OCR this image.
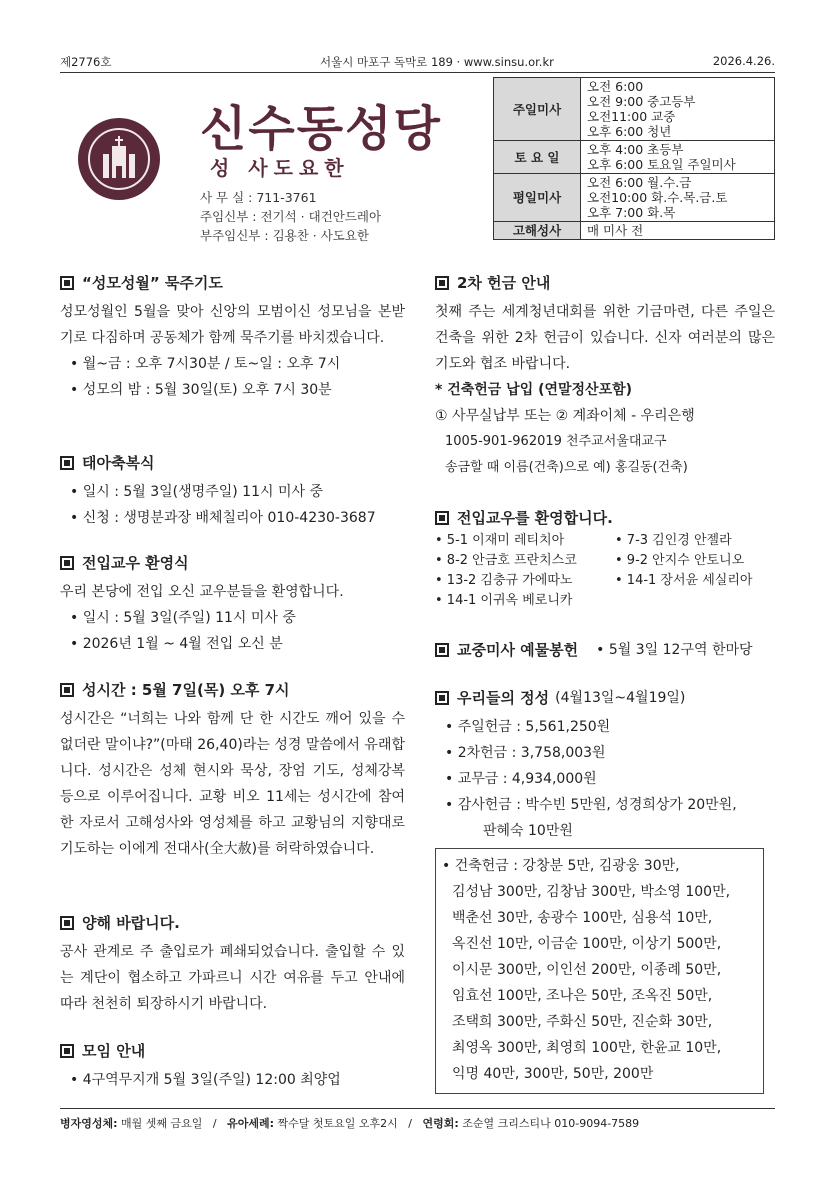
제2776호	서울시 마포구 독막로 189 · www.sinsu.or.kr	2026.4.26.
신수동성당
성 사도요한
사 무 실 : 711-3761
주임신부 : 전기석 · 대건안드레아
부주임신부 : 김용찬 · 사도요한
주일미사	오전 6:00
오전 9:00 중고등부
오전11:00 교중
오후 6:00 청년

토 요 일	오후 4:00 초등부
오후 6:00 토요일 주일미사

평일미사	오전 6:00 월.수.금
오전10:00 화.수.목.금.토
오후 7:00 화.목

고해성사	매 미사 전
“성모성월” 묵주기도
성모성월인 5월을 맞아 신앙의 모범이신 성모님을 본받기로 다짐하며 공동체가 함께 묵주기를 바치겠습니다.
• 월~금 : 오후 7시30분 / 토~일 : 오후 7시
• 성모의 밤 : 5월 30일(토) 오후 7시 30분
태아축복식
• 일시 : 5월 3일(생명주일) 11시 미사 중
• 신청 : 생명분과장 배체칠리아 010-4230-3687
전입교우 환영식
우리 본당에 전입 오신 교우분들을 환영합니다.
• 일시 : 5월 3일(주일) 11시 미사 중
• 2026년 1월 ~ 4월 전입 오신 분
성시간 : 5월 7일(목) 오후 7시
성시간은 “너희는 나와 함께 단 한 시간도 깨어 있을 수 없더란 말이냐?”(마태 26,40)라는 성경 말씀에서 유래합니다. 성시간은 성체 현시와 묵상, 장엄 기도, 성체강복 등으로 이루어집니다. 교황 비오 11세는 성시간에 참여한 자로서 고해성사와 영성체를 하고 교황님의 지향대로 기도하는 이에게 전대사(全大赦)를 허락하였습니다.
양해 바랍니다.
공사 관계로 주 출입로가 폐쇄되었습니다. 출입할 수 있는 계단이 협소하고 가파르니 시간 여유를 두고 안내에 따라 천천히 퇴장하시기 바랍니다.
모임 안내
• 4구역무지개 5월 3일(주일) 12:00 최양업
2차 헌금 안내
첫째 주는 세계청년대회를 위한 기금마련, 다른 주일은 건축을 위한 2차 헌금이 있습니다. 신자 여러분의 많은 기도와 협조 바랍니다.
* 건축헌금 납입 (연말정산포함)
① 사무실납부 또는 ② 계좌이체 - 우리은행
1005-901-962019 천주교서울대교구
송금할 때 이름(건축)으로 예) 홍길동(건축)
전입교우를 환영합니다.
• 5-1 이재미 레티치아	• 7-3 김인경 안젤라
• 8-2 안금호 프란치스코	• 9-2 안지수 안토니오
• 13-2 김충규 가에따노	• 14-1 장서윤 세실리아
• 14-1 이귀옥 베로니카
교중미사 예물봉헌 • 5월 3일 12구역 한마당
우리들의 정성 (4월13일~4월19일)
• 주일헌금 : 5,561,250원
• 2차헌금 : 3,758,003원
• 교무금 : 4,934,000원
• 감사헌금 : 박수빈 5만원, 성경희상가 20만원,
판혜숙 10만원
• 건축헌금 : 강창분 5만, 김광웅 30만,
김성남 300만, 김창남 300만, 박소영 100만,
백춘선 30만, 송광수 100만, 심용석 10만,
옥진선 10만, 이금순 100만, 이상기 500만,
이시문 300만, 이인선 200만, 이종례 50만,
임효선 100만, 조나은 50만, 조옥진 50만,
조택희 300만, 주화신 50만, 진순화 30만,
최영옥 300만, 최영희 100만, 한윤교 10만,
익명 40만, 300만, 50만, 200만
병자영성체: 매월 셋째 금요일   /   유아세례: 짝수달 첫토요일 오후2시   /   연령회: 조순열 크리스티나 010-9094-7589
